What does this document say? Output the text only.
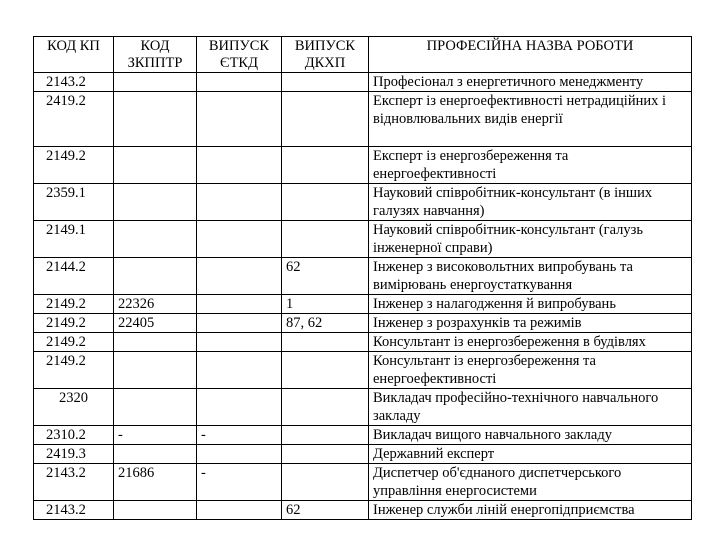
КОД КП	КОД ЗКППТР	ВИПУСК ЄТКД	ВИПУСК ДКХП	ПРОФЕСІЙНА НАЗВА РОБОТИ
2143.2				Професіонал з енергетичного менеджменту
2419.2				Експерт із енергоефективності нетрадиційних і відновлювальних видів енергії
2149.2				Експерт із енергозбереження та енергоефективності
2359.1				Науковий співробітник-консультант (в інших галузях навчання)
2149.1				Науковий співробітник-консультант (галузь інженерної справи)
2144.2			62	Інженер з високовольтних випробувань та вимірювань енергоустаткування
2149.2	22326		1	Інженер з налагодження й випробувань
2149.2	22405		87, 62	Інженер з розрахунків та режимів
2149.2				Консультант із енергозбереження в будівлях
2149.2				Консультант із енергозбереження та енергоефективності
2320				Викладач професійно-технічного навчального закладу
2310.2	-	-		Викладач вищого навчального закладу
2419.3				Державний експерт
2143.2	21686	-		Диспетчер об'єднаного диспетчерського управління енергосистеми
2143.2			62	Інженер служби ліній енергопідприємства
